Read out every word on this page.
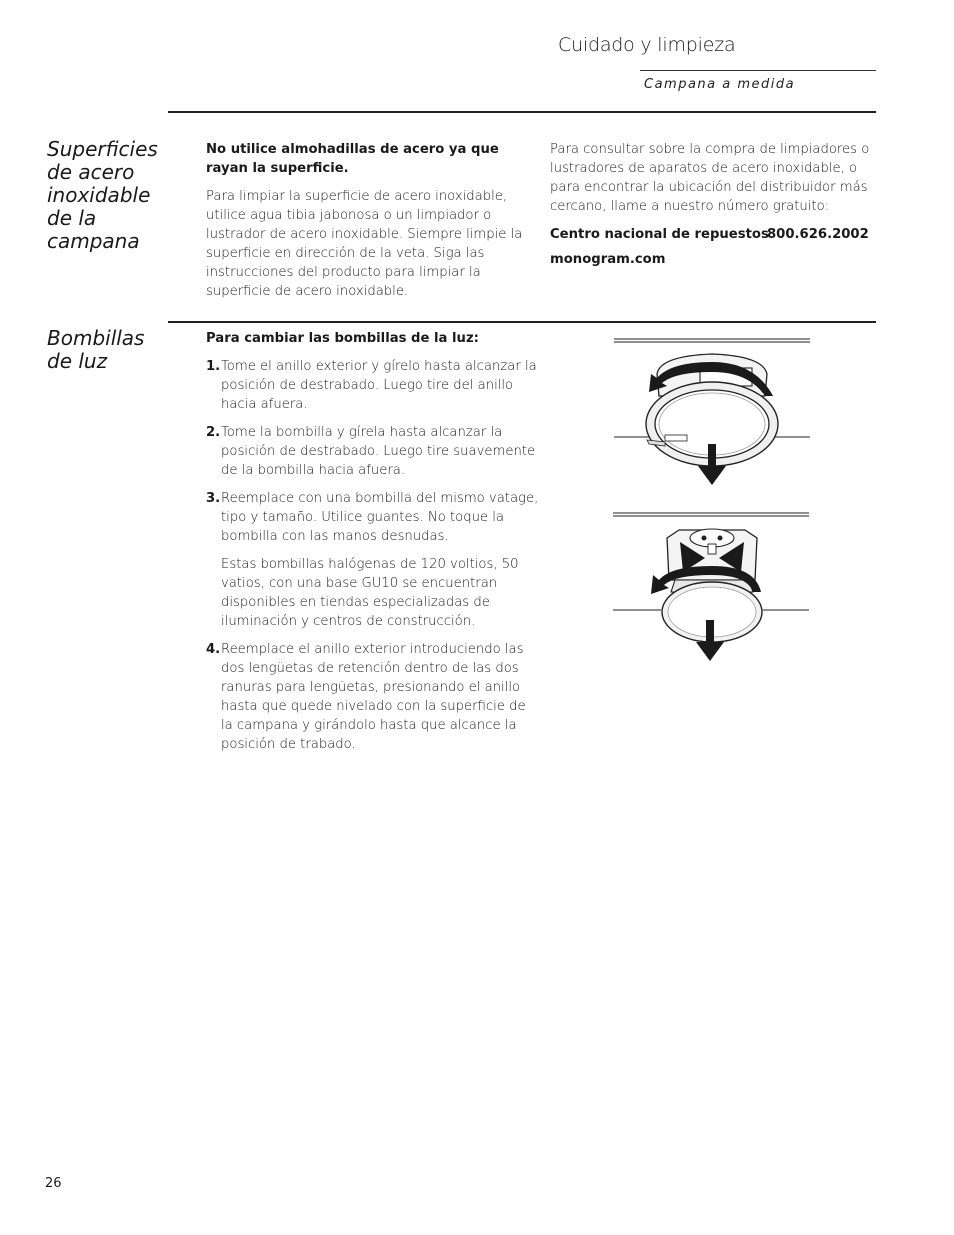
Cuidado y limpieza
Campana a medida
Superficies
de acero
inoxidable
de la
campana

No utilice almohadillas de acero ya que rayan la superficie.

Para limpiar la superficie de acero inoxidable, utilice agua tibia jabonosa o un limpiador o lustrador de acero inoxidable. Siempre limpie la superficie en dirección de la veta. Siga las instrucciones del producto para limpiar la superficie de acero inoxidable.

Para consultar sobre la compra de limpiadores o lustradores de aparatos de acero inoxidable, o para encontrar la ubicación del distribuidor más cercano, llame a nuestro número gratuito:

Centro nacional de repuestos
800.626.2002

monogram.com

Bombillas
de luz

Para cambiar las bombillas de la luz:

1. Tome el anillo exterior y gírelo hasta alcanzar la posición de destrabado. Luego tire del anillo hacia afuera.
2. Tome la bombilla y gírela hasta alcanzar la posición de destrabado. Luego tire suavemente de la bombilla hacia afuera.
3. Reemplace con una bombilla del mismo vatage, tipo y tamaño. Utilice guantes. No toque la bombilla con las manos desnudas.
Estas bombillas halógenas de 120 voltios, 50 vatios, con una base GU10 se encuentran disponibles en tiendas especializadas de iluminación y centros de construcción.
4. Reemplace el anillo exterior introduciendo las dos lengüetas de retención dentro de las dos ranuras para lengüetas, presionando el anillo hasta que quede nivelado con la superficie de la campana y girándolo hasta que alcance la posición de trabado.
26
